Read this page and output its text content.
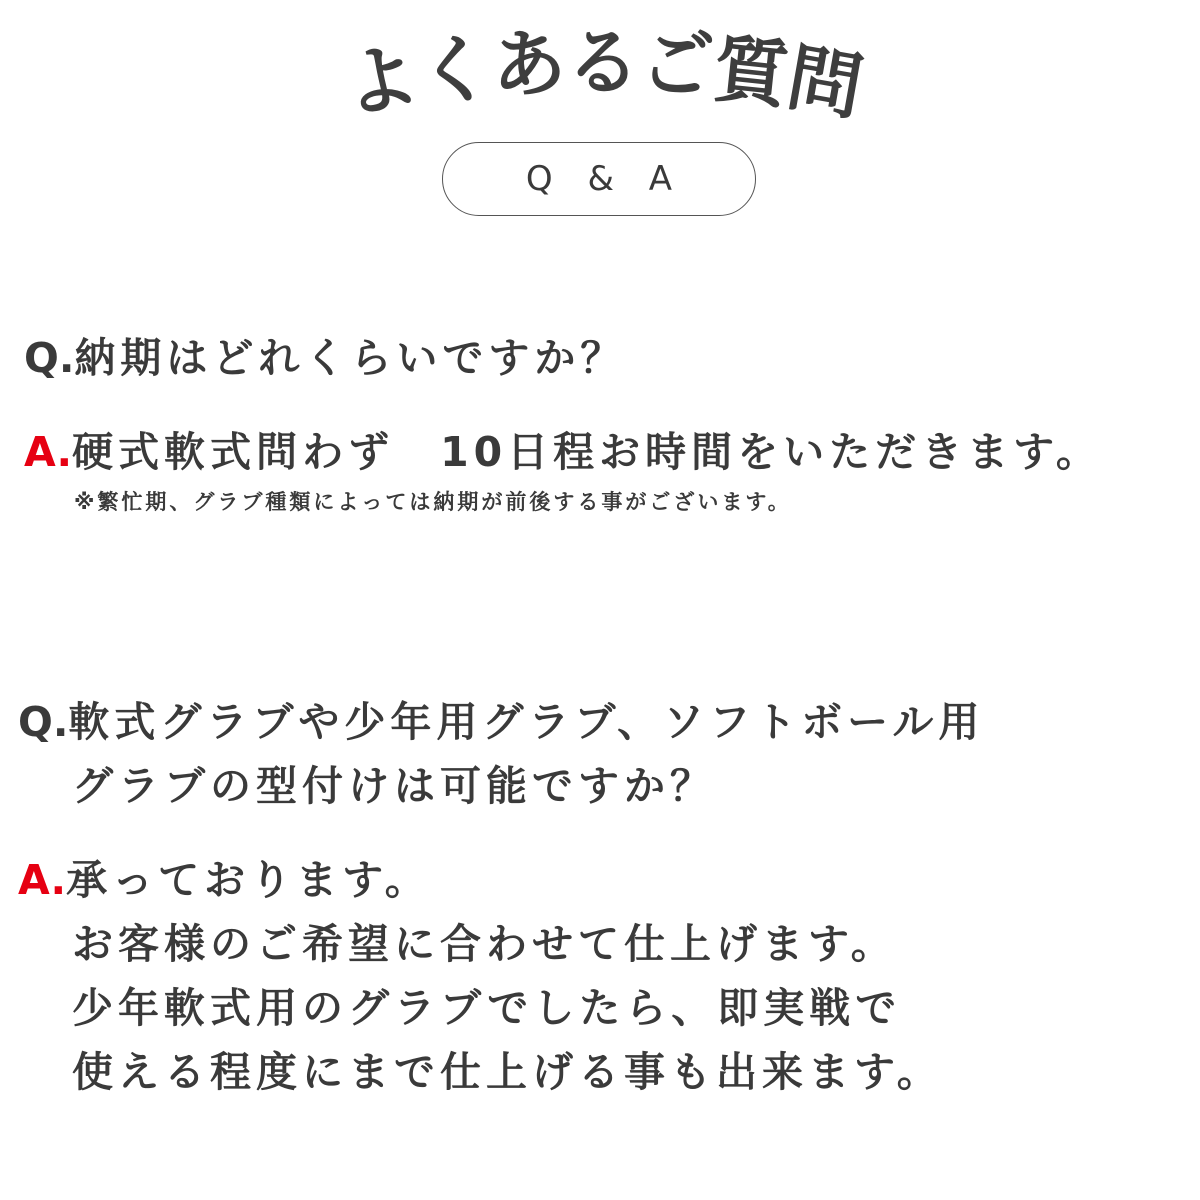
よ
く
あ
る
ご
質
問
Q & A
Q.納期はどれくらいですか？
A.硬式軟式問わず　10日程お時間をいただきます。
※繁忙期、グラブ種類によっては納期が前後する事がございます。
Q.軟式グラブや少年用グラブ、ソフトボール用
グラブの型付けは可能ですか？
A.承っております。
お客様のご希望に合わせて仕上げます。
少年軟式用のグラブでしたら、即実戦で
使える程度にまで仕上げる事も出来ます。
